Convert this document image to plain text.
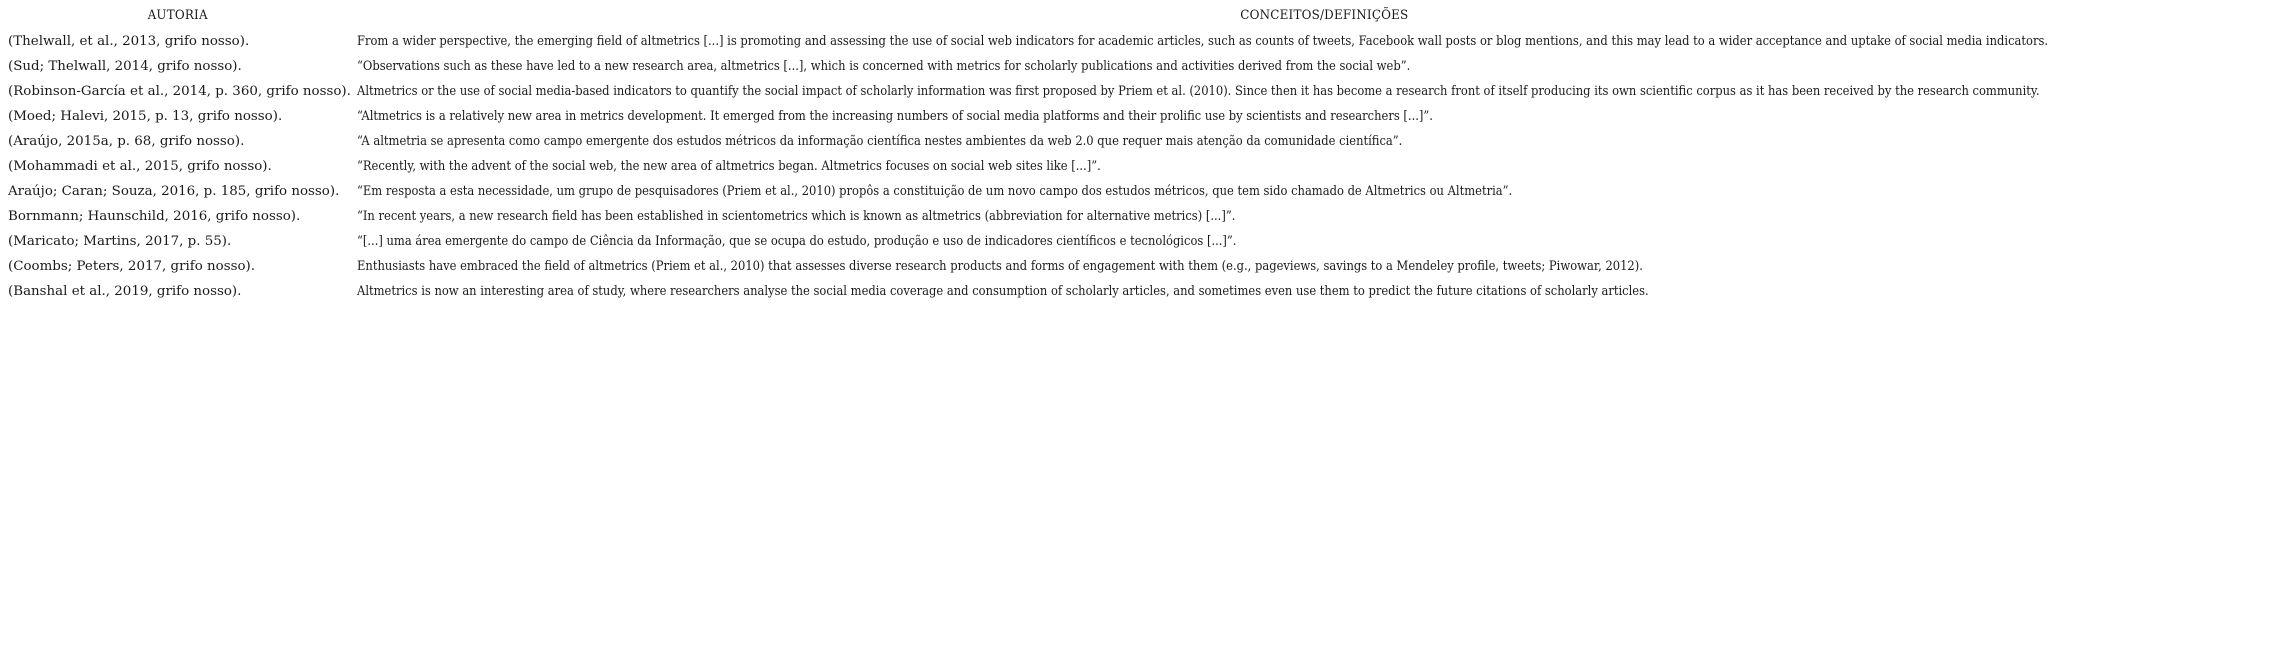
AUTORIA	CONCEITOS/DEFINIÇÕES
(Thelwall, et al., 2013, grifo nosso).	From a wider perspective, the emerging field of altmetrics [...] is promoting and assessing the use of social web indicators for academic articles, such as counts of tweets, Facebook wall posts or blog mentions, and this may lead to a wider acceptance and uptake of social media indicators.
(Sud; Thelwall, 2014, grifo nosso).	“Observations such as these have led to a new research area, altmetrics [...], which is concerned with metrics for scholarly publications and activities derived from the social web”.
(Robinson-García et al., 2014, p. 360, grifo nosso). Altmetrics or the use of social media-based indicators to quantify the social impact of scholarly information was first proposed by Priem et al. (2010). Since then it has become a research front of itself producing its own scientific corpus as it has been received by the research community.
(Moed; Halevi, 2015, p. 13, grifo nosso).	“Altmetrics is a relatively new area in metrics development. It emerged from the increasing numbers of social media platforms and their prolific use by scientists and researchers [...]”.
(Araújo, 2015a, p. 68, grifo nosso).	“A altmetria se apresenta como campo emergente dos estudos métricos da informação científica nestes ambientes da web 2.0 que requer mais atenção da comunidade científica”.
(Mohammadi et al., 2015, grifo nosso).	“Recently, with the advent of the social web, the new area of altmetrics began. Altmetrics focuses on social web sites like [...]”.
Araújo; Caran; Souza, 2016, p. 185, grifo nosso). “Em resposta a esta necessidade, um grupo de pesquisadores (Priem et al., 2010) propôs a constituição de um novo campo dos estudos métricos, que tem sido chamado de Altmetrics ou Altmetria”.
Bornmann; Haunschild, 2016, grifo nosso).	“In recent years, a new research field has been established in scientometrics which is known as altmetrics (abbreviation for alternative metrics) [...]”.
(Maricato; Martins, 2017, p. 55).	“[...] uma área emergente do campo de Ciência da Informação, que se ocupa do estudo, produção e uso de indicadores científicos e tecnológicos [...]”.
(Coombs; Peters, 2017, grifo nosso).	Enthusiasts have embraced the field of altmetrics (Priem et al., 2010) that assesses diverse research products and forms of engagement with them (e.g., pageviews, savings to a Mendeley profile, tweets; Piwowar, 2012).
(Banshal et al., 2019, grifo nosso).	Altmetrics is now an interesting area of study, where researchers analyse the social media coverage and consumption of scholarly articles, and sometimes even use them to predict the future citations of scholarly articles.
